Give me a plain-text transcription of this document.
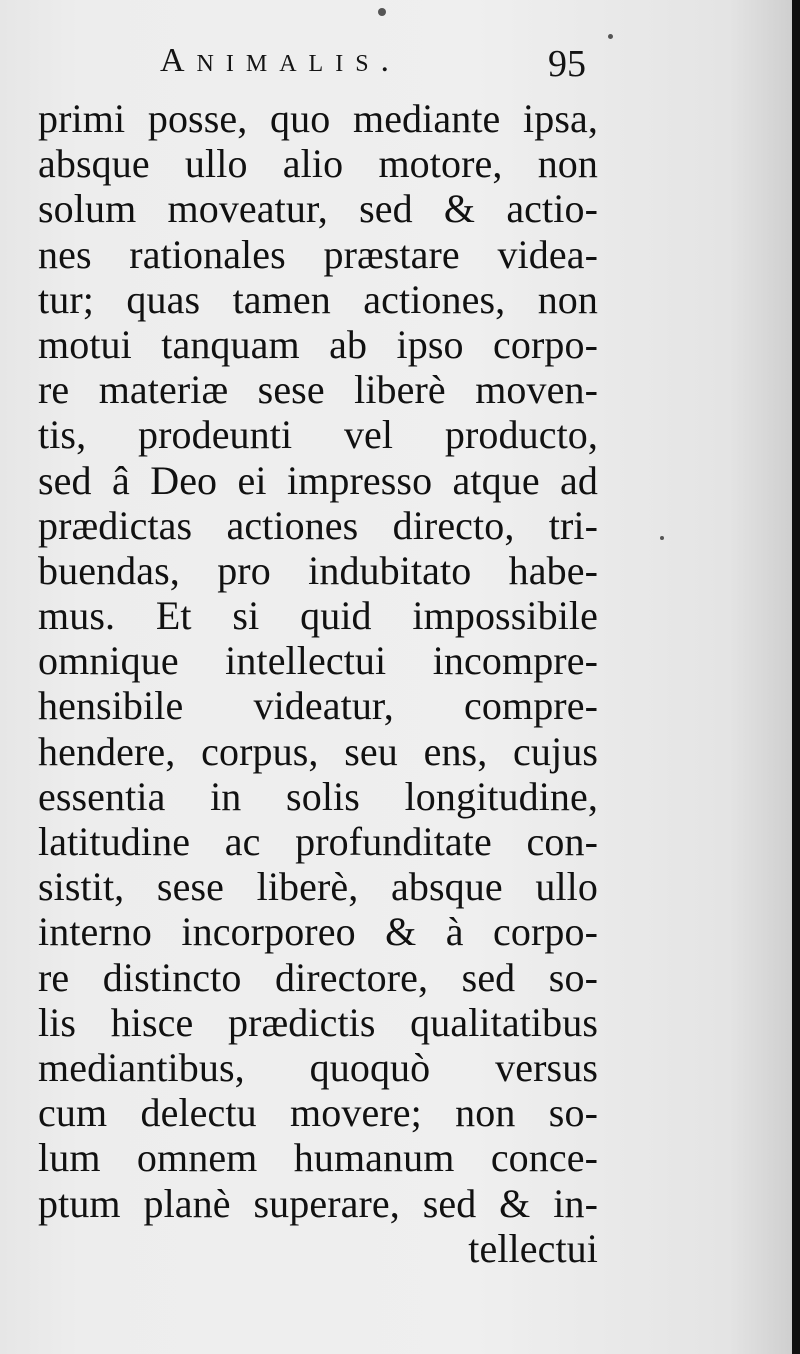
Animalis.	95
primi posse, quo mediante ipsa,
absque ullo alio motore, non
solum moveatur, sed & actio-
nes rationales præstare videa-
tur; quas tamen actiones, non
motui tanquam ab ipso corpo-
re materiæ sese liberè moven-
tis, prodeunti vel producto,
sed â Deo ei impresso atque ad
prædictas actiones directo, tri-
buendas, pro indubitato habe-
mus. Et si quid impossibile
omnique intellectui incompre-
hensibile videatur, compre-
hendere, corpus, seu ens, cujus
essentia in solis longitudine,
latitudine ac profunditate con-
sistit, sese liberè, absque ullo
interno incorporeo & à corpo-
re distincto directore, sed so-
lis hisce prædictis qualitatibus
mediantibus, quoquò versus
cum delectu movere; non so-
lum omnem humanum conce-
ptum planè superare, sed & in-
tellectui
